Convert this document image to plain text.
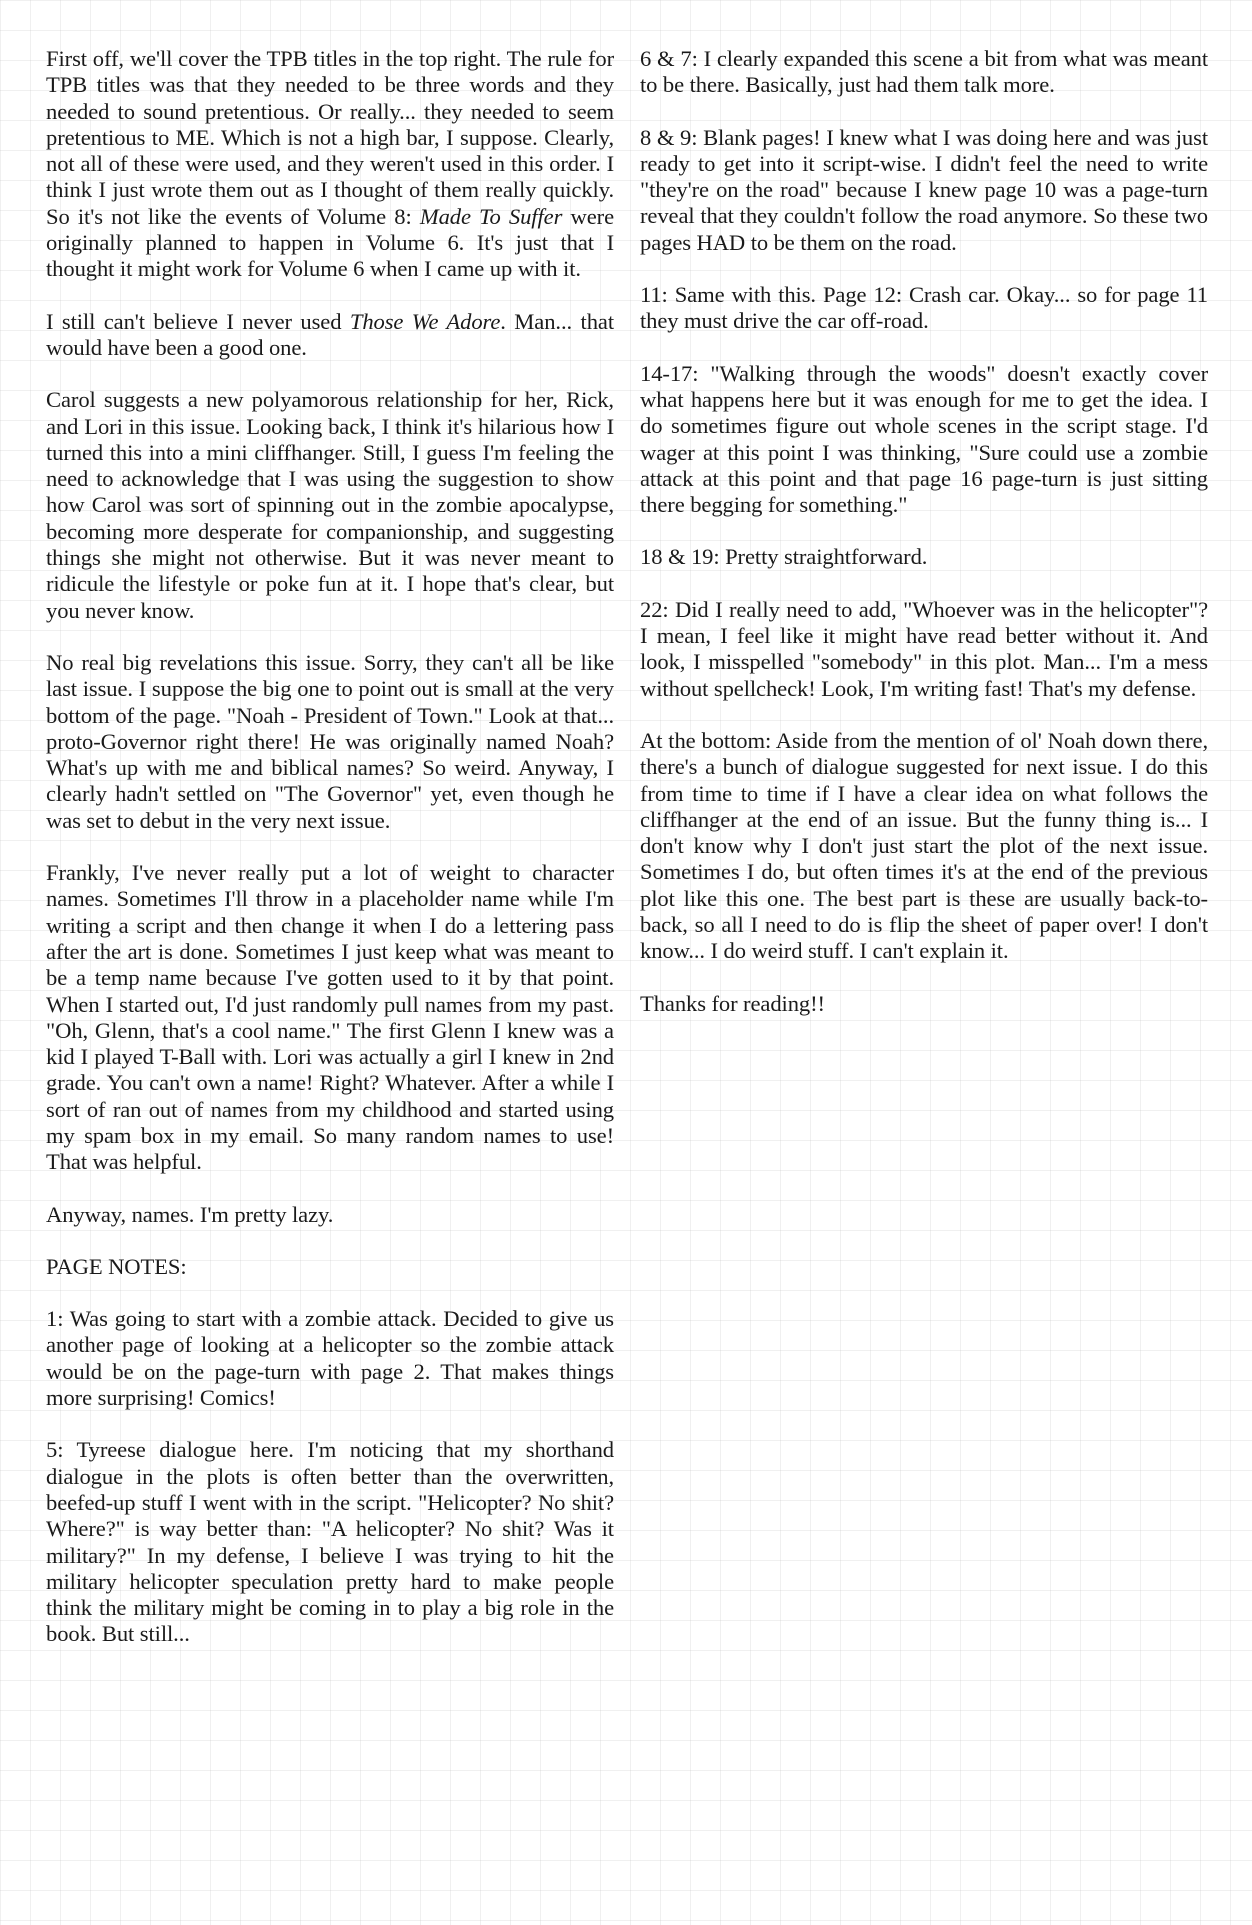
First off, we'll cover the TPB titles in the top right. The rule for TPB titles was that they needed to be three words and they needed to sound pretentious. Or really... they needed to seem pretentious to ME. Which is not a high bar, I suppose. Clearly, not all of these were used, and they weren't used in this order. I think I just wrote them out as I thought of them really quickly. So it's not like the events of Volume 8: Made To Suffer were originally planned to happen in Volume 6. It's just that I thought it might work for Volume 6 when I came up with it.

I still can't believe I never used Those We Adore. Man... that would have been a good one.

Carol suggests a new polyamorous relationship for her, Rick, and Lori in this issue. Looking back, I think it's hilarious how I turned this into a mini cliffhanger. Still, I guess I'm feeling the need to acknowledge that I was using the suggestion to show how Carol was sort of spinning out in the zombie apocalypse, becoming more desperate for companionship, and suggesting things she might not otherwise. But it was never meant to ridicule the lifestyle or poke fun at it. I hope that's clear, but you never know.

No real big revelations this issue. Sorry, they can't all be like last issue. I suppose the big one to point out is small at the very bottom of the page. "Noah - President of Town." Look at that... proto-Governor right there! He was originally named Noah? What's up with me and biblical names? So weird. Anyway, I clearly hadn't settled on "The Governor" yet, even though he was set to debut in the very next issue.

Frankly, I've never really put a lot of weight to character names. Sometimes I'll throw in a placeholder name while I'm writing a script and then change it when I do a lettering pass after the art is done. Sometimes I just keep what was meant to be a temp name because I've gotten used to it by that point. When I started out, I'd just randomly pull names from my past. "Oh, Glenn, that's a cool name." The first Glenn I knew was a kid I played T-Ball with. Lori was actually a girl I knew in 2nd grade. You can't own a name! Right? Whatever. After a while I sort of ran out of names from my childhood and started using my spam box in my email. So many random names to use! That was helpful.

Anyway, names. I'm pretty lazy.

PAGE NOTES:

1: Was going to start with a zombie attack. Decided to give us another page of looking at a helicopter so the zombie attack would be on the page-turn with page 2. That makes things more surprising! Comics!

5: Tyreese dialogue here. I'm noticing that my shorthand dialogue in the plots is often better than the overwritten, beefed-up stuff I went with in the script. "Helicopter? No shit? Where?" is way better than: "A helicopter? No shit? Was it military?" In my defense, I believe I was trying to hit the military helicopter speculation pretty hard to make people think the military might be coming in to play a big role in the book. But still...

6 & 7: I clearly expanded this scene a bit from what was meant to be there. Basically, just had them talk more.

8 & 9: Blank pages! I knew what I was doing here and was just ready to get into it script-wise. I didn't feel the need to write "they're on the road" because I knew page 10 was a page-turn reveal that they couldn't follow the road anymore. So these two pages HAD to be them on the road.

11: Same with this. Page 12: Crash car. Okay... so for page 11 they must drive the car off-road.

14-17: "Walking through the woods" doesn't exactly cover what happens here but it was enough for me to get the idea. I do sometimes figure out whole scenes in the script stage. I'd wager at this point I was thinking, "Sure could use a zombie attack at this point and that page 16 page-turn is just sitting there begging for something."

18 & 19: Pretty straightforward.

22: Did I really need to add, "Whoever was in the helicopter"? I mean, I feel like it might have read better without it. And look, I misspelled "somebody" in this plot. Man... I'm a mess without spellcheck! Look, I'm writing fast! That's my defense.

At the bottom: Aside from the mention of ol' Noah down there, there's a bunch of dialogue suggested for next issue. I do this from time to time if I have a clear idea on what follows the cliffhanger at the end of an issue. But the funny thing is... I don't know why I don't just start the plot of the next issue. Sometimes I do, but often times it's at the end of the previous plot like this one. The best part is these are usually back-to-back, so all I need to do is flip the sheet of paper over! I don't know... I do weird stuff. I can't explain it.

Thanks for reading!!
